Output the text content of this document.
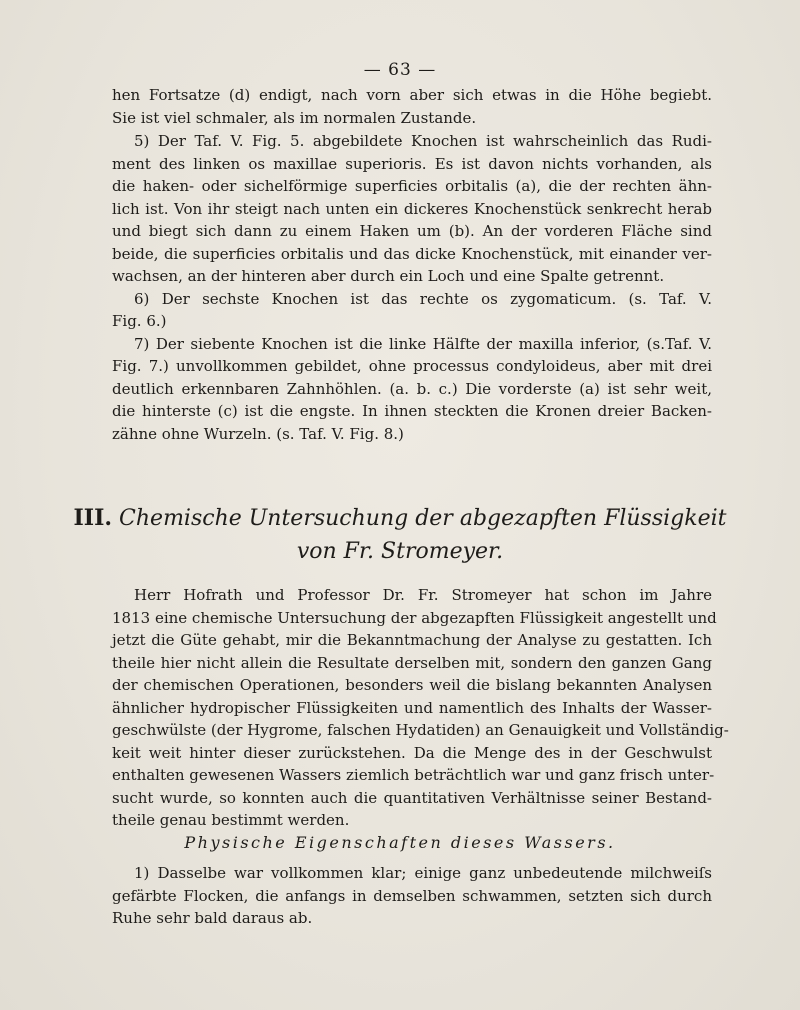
— 63 —
hen Fortsatze (d) endigt, nach vorn aber sich etwas in die Höhe begiebt.
Sie ist viel schmaler, als im normalen Zustande.
5) Der Taf. V. Fig. 5. abgebildete Knochen ist wahrscheinlich das Rudi-
ment des linken os maxillae superioris. Es ist davon nichts vorhanden, als
die haken- oder sichelförmige superficies orbitalis (a), die der rechten ähn-
lich ist. Von ihr steigt nach unten ein dickeres Knochenstück senkrecht herab
und biegt sich dann zu einem Haken um (b). An der vorderen Fläche sind
beide, die superficies orbitalis und das dicke Knochenstück, mit einander ver-
wachsen, an der hinteren aber durch ein Loch und eine Spalte getrennt.
6) Der sechste Knochen ist das rechte os zygomaticum. (s. Taf. V.
Fig. 6.)
7) Der siebente Knochen ist die linke Hälfte der maxilla inferior, (s.Taf. V.
Fig. 7.) unvollkommen gebildet, ohne processus condyloideus, aber mit drei
deutlich erkennbaren Zahnhöhlen. (a. b. c.) Die vorderste (a) ist sehr weit,
die hinterste (c) ist die engste. In ihnen steckten die Kronen dreier Backen-
zähne ohne Wurzeln. (s. Taf. V. Fig. 8.)
III. Chemische Untersuchung der abgezapften Flüssigkeit
von Fr. Stromeyer.
Herr Hofrath und Professor Dr. Fr. Stromeyer hat schon im Jahre
1813 eine chemische Untersuchung der abgezapften Flüssigkeit angestellt und
jetzt die Güte gehabt, mir die Bekanntmachung der Analyse zu gestatten. Ich
theile hier nicht allein die Resultate derselben mit, sondern den ganzen Gang
der chemischen Operationen, besonders weil die bislang bekannten Analysen
ähnlicher hydropischer Flüssigkeiten und namentlich des Inhalts der Wasser-
geschwülste (der Hygrome, falschen Hydatiden) an Genauigkeit und Vollständig-
keit weit hinter dieser zurückstehen. Da die Menge des in der Geschwulst
enthalten gewesenen Wassers ziemlich beträchtlich war und ganz frisch unter-
sucht wurde, so konnten auch die quantitativen Verhältnisse seiner Bestand-
theile genau bestimmt werden.
Physische Eigenschaften dieses Wassers.
1) Dasselbe war vollkommen klar; einige ganz unbedeutende milchweiſs
gefärbte Flocken, die anfangs in demselben schwammen, setzten sich durch
Ruhe sehr bald daraus ab.
